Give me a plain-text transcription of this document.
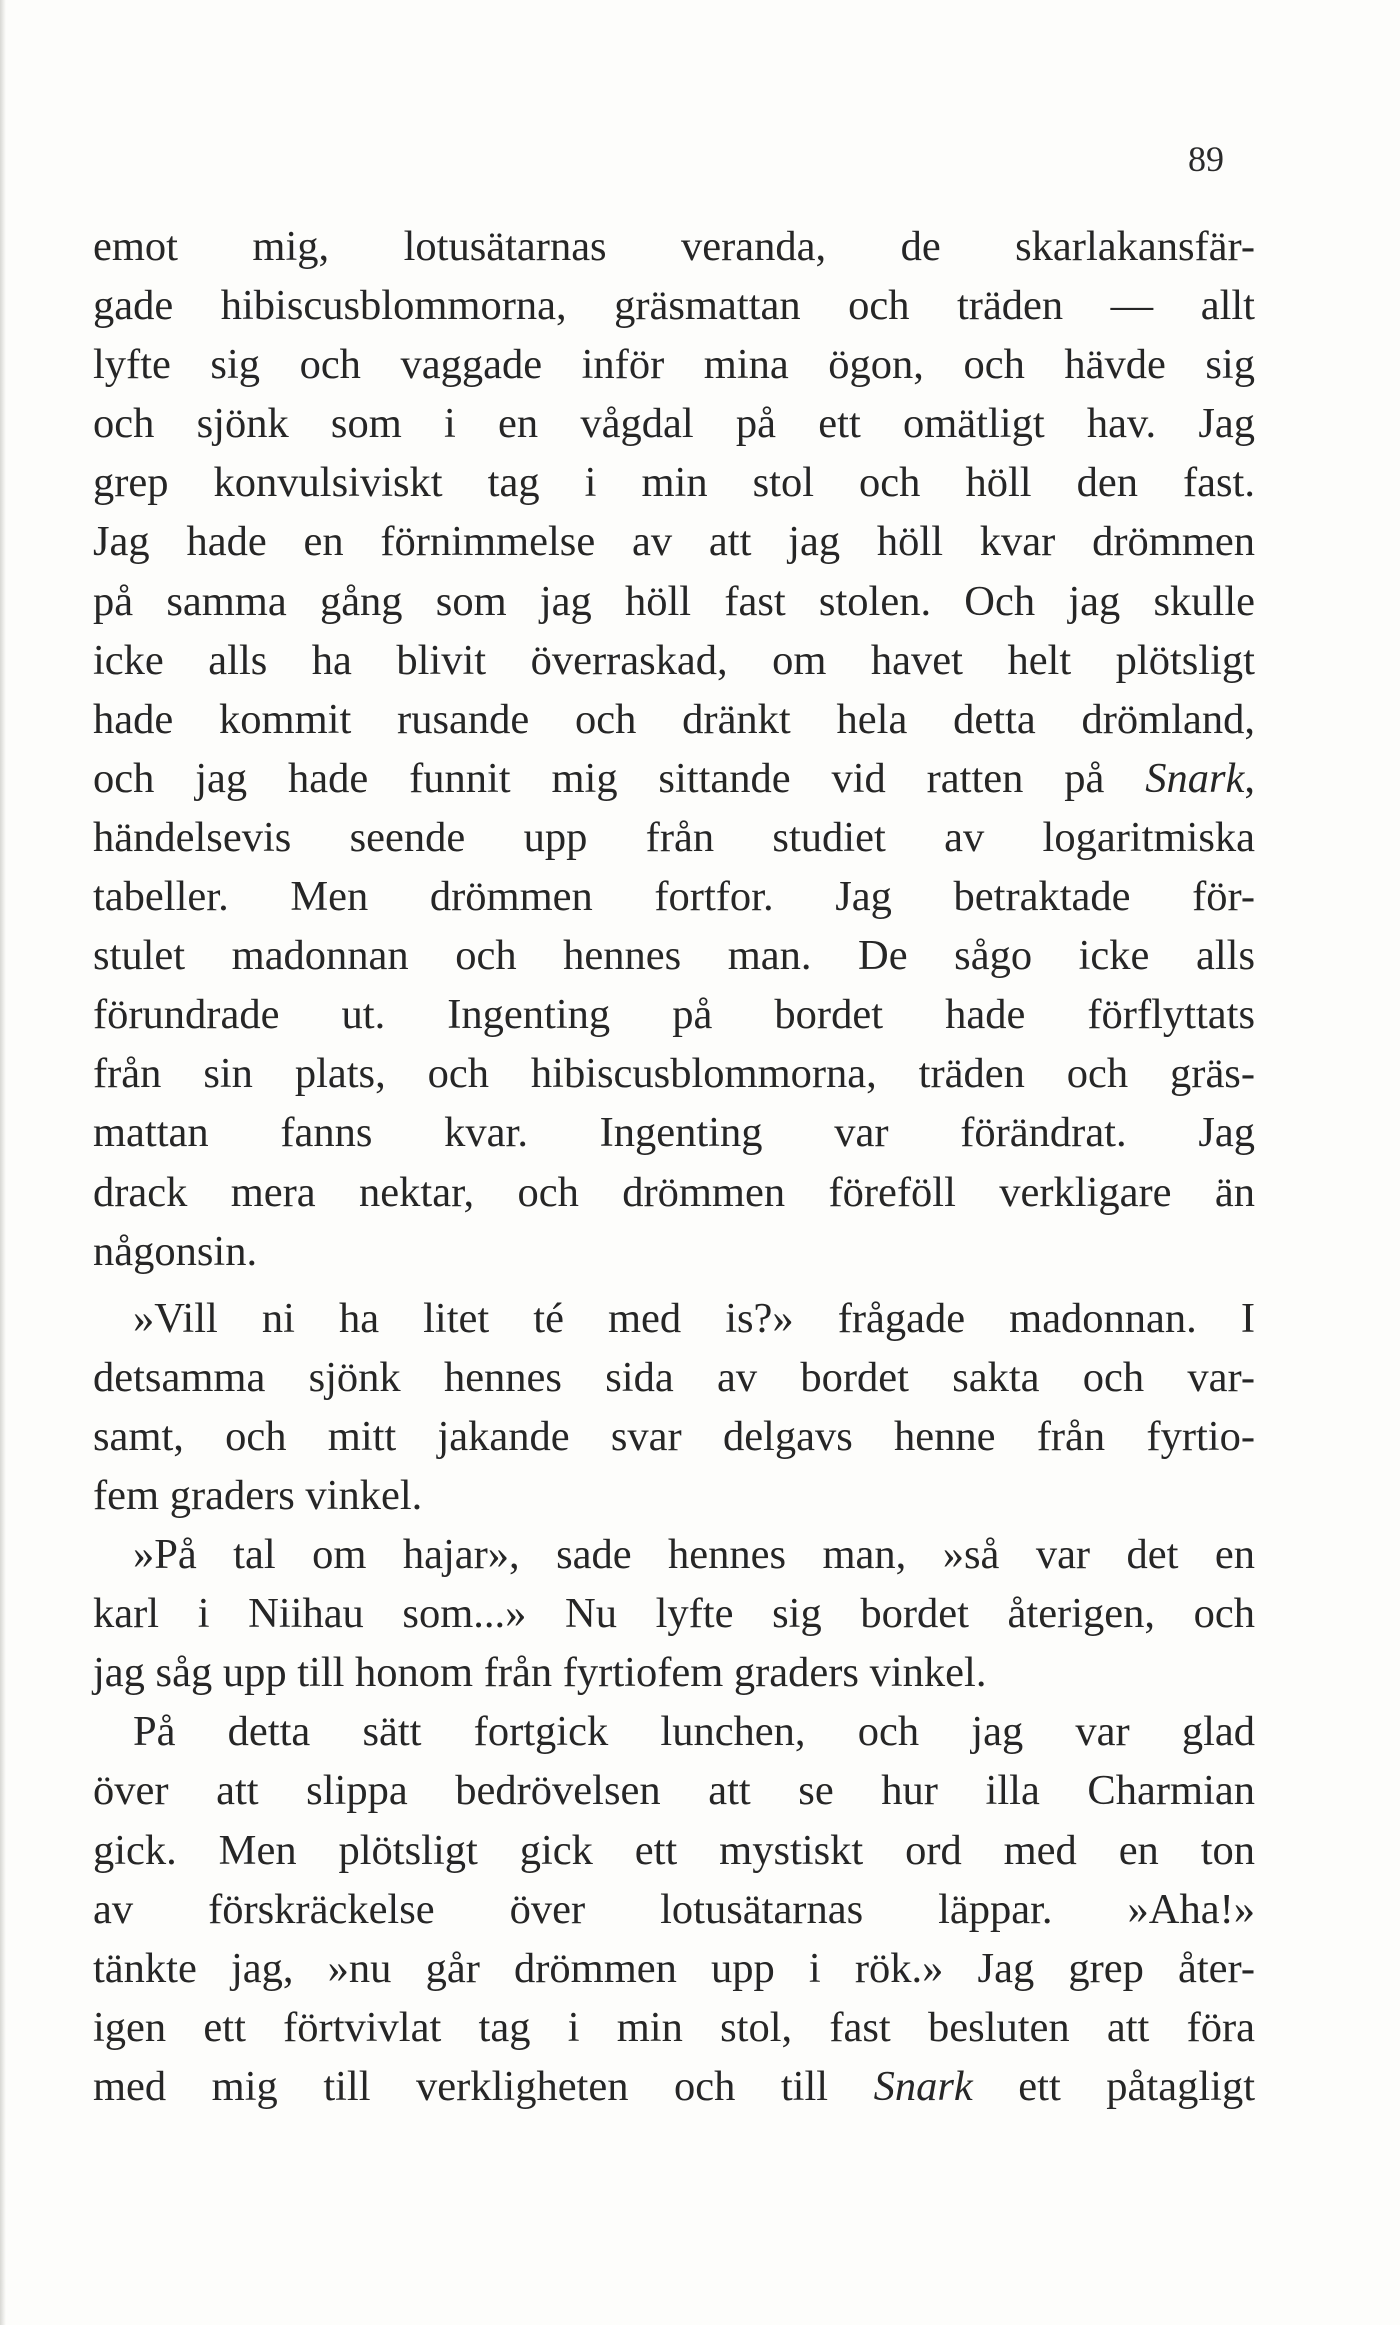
89
emot mig, lotusätarnas veranda, de skarlakansfär-
gade hibiscusblommorna, gräsmattan och träden — allt
lyfte sig och vaggade inför mina ögon, och hävde sig
och sjönk som i en vågdal på ett omätligt hav. Jag
grep konvulsiviskt tag i min stol och höll den fast.
Jag hade en förnimmelse av att jag höll kvar drömmen
på samma gång som jag höll fast stolen. Och jag skulle
icke alls ha blivit överraskad, om havet helt plötsligt
hade kommit rusande och dränkt hela detta drömland,
och jag hade funnit mig sittande vid ratten på Snark,
händelsevis seende upp från studiet av logaritmiska
tabeller. Men drömmen fortfor. Jag betraktade för-
stulet madonnan och hennes man. De sågo icke alls
förundrade ut. Ingenting på bordet hade förflyttats
från sin plats, och hibiscusblommorna, träden och gräs-
mattan fanns kvar. Ingenting var förändrat. Jag
drack mera nektar, och drömmen föreföll verkligare än
någonsin.
»Vill ni ha litet té med is?» frågade madonnan. I
detsamma sjönk hennes sida av bordet sakta och var-
samt, och mitt jakande svar delgavs henne från fyrtio-
fem graders vinkel.
»På tal om hajar», sade hennes man, »så var det en
karl i Niihau som...» Nu lyfte sig bordet återigen, och
jag såg upp till honom från fyrtiofem graders vinkel.
På detta sätt fortgick lunchen, och jag var glad
över att slippa bedrövelsen att se hur illa Charmian
gick. Men plötsligt gick ett mystiskt ord med en ton
av förskräckelse över lotusätarnas läppar. »Aha!»
tänkte jag, »nu går drömmen upp i rök.» Jag grep åter-
igen ett förtvivlat tag i min stol, fast besluten att föra
med mig till verkligheten och till Snark ett påtagligt
